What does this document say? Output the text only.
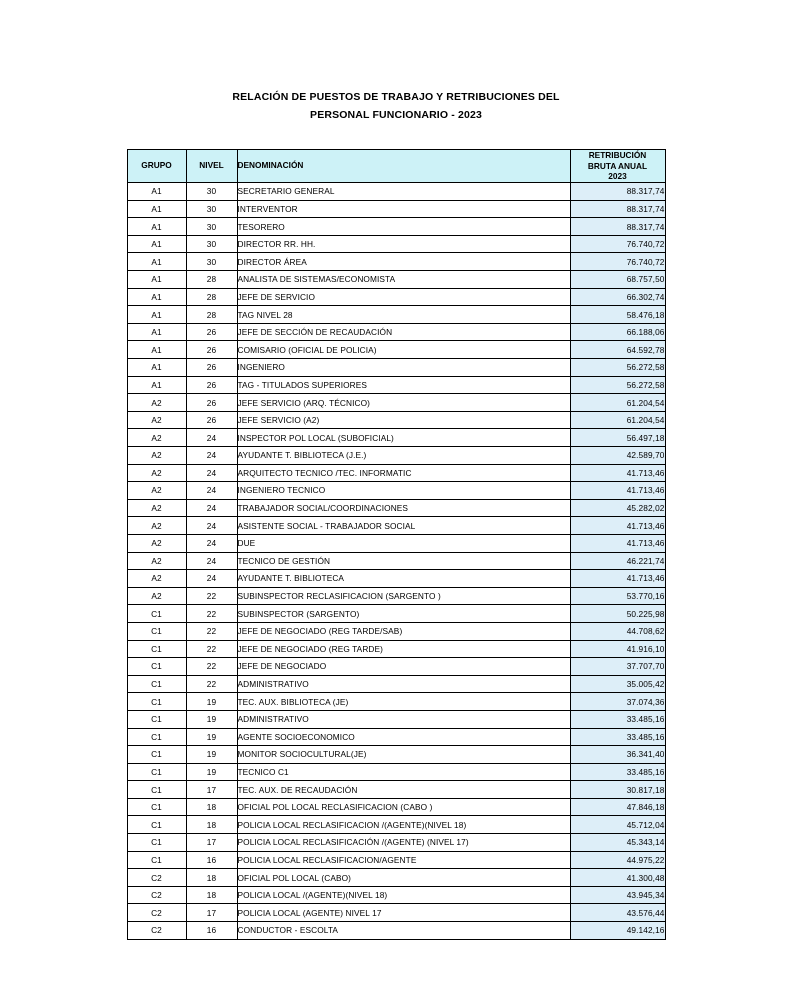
RELACIÓN DE PUESTOS DE TRABAJO Y RETRIBUCIONES DEL
PERSONAL FUNCIONARIO - 2023
GRUPO	NIVEL	DENOMINACIÓN	RETRIBUCIÓN
BRUTA ANUAL
2023

A1	30	SECRETARIO GENERAL	88.317,74
A1	30	INTERVENTOR	88.317,74
A1	30	TESORERO	88.317,74
A1	30	DIRECTOR RR. HH.	76.740,72
A1	30	DIRECTOR ÁREA	76.740,72
A1	28	ANALISTA DE SISTEMAS/ECONOMISTA	68.757,50
A1	28	JEFE DE SERVICIO	66.302,74
A1	28	TAG NIVEL 28	58.476,18
A1	26	JEFE DE SECCIÓN DE RECAUDACIÓN	66.188,06
A1	26	COMISARIO (OFICIAL DE POLICIA)	64.592,78
A1	26	INGENIERO	56.272,58
A1	26	TAG - TITULADOS SUPERIORES	56.272,58
A2	26	JEFE SERVICIO (ARQ. TÉCNICO)	61.204,54
A2	26	JEFE SERVICIO (A2)	61.204,54
A2	24	INSPECTOR POL LOCAL (SUBOFICIAL)	56.497,18
A2	24	AYUDANTE T. BIBLIOTECA (J.E.)	42.589,70
A2	24	ARQUITECTO TECNICO /TEC. INFORMATIC	41.713,46
A2	24	INGENIERO TECNICO	41.713,46
A2	24	TRABAJADOR SOCIAL/COORDINACIONES	45.282,02
A2	24	ASISTENTE SOCIAL - TRABAJADOR SOCIAL	41.713,46
A2	24	DUE	41.713,46
A2	24	TECNICO DE GESTIÓN	46.221,74
A2	24	AYUDANTE T. BIBLIOTECA	41.713,46
A2	22	SUBINSPECTOR RECLASIFICACION (SARGENTO )	53.770,16
C1	22	SUBINSPECTOR (SARGENTO)	50.225,98
C1	22	JEFE DE NEGOCIADO (REG TARDE/SAB)	44.708,62
C1	22	JEFE DE NEGOCIADO (REG TARDE)	41.916,10
C1	22	JEFE DE NEGOCIADO	37.707,70
C1	22	ADMINISTRATIVO	35.005,42
C1	19	TEC. AUX. BIBLIOTECA (JE)	37.074,36
C1	19	ADMINISTRATIVO	33.485,16
C1	19	AGENTE SOCIOECONOMICO	33.485,16
C1	19	MONITOR SOCIOCULTURAL(JE)	36.341,40
C1	19	TECNICO C1	33.485,16
C1	17	TEC. AUX. DE RECAUDACIÓN	30.817,18
C1	18	OFICIAL POL LOCAL RECLASIFICACION (CABO )	47.846,18
C1	18	POLICIA LOCAL RECLASIFICACION /(AGENTE)(NIVEL 18)	45.712,04
C1	17	POLICIA LOCAL RECLASIFICACIÓN /(AGENTE) (NIVEL 17)	45.343,14
C1	16	POLICIA LOCAL RECLASIFICACION/AGENTE	44.975,22
C2	18	OFICIAL POL LOCAL (CABO)	41.300,48
C2	18	POLICIA LOCAL /(AGENTE)(NIVEL 18)	43.945,34
C2	17	POLICIA LOCAL (AGENTE) NIVEL 17	43.576,44
C2	16	CONDUCTOR - ESCOLTA	49.142,16
